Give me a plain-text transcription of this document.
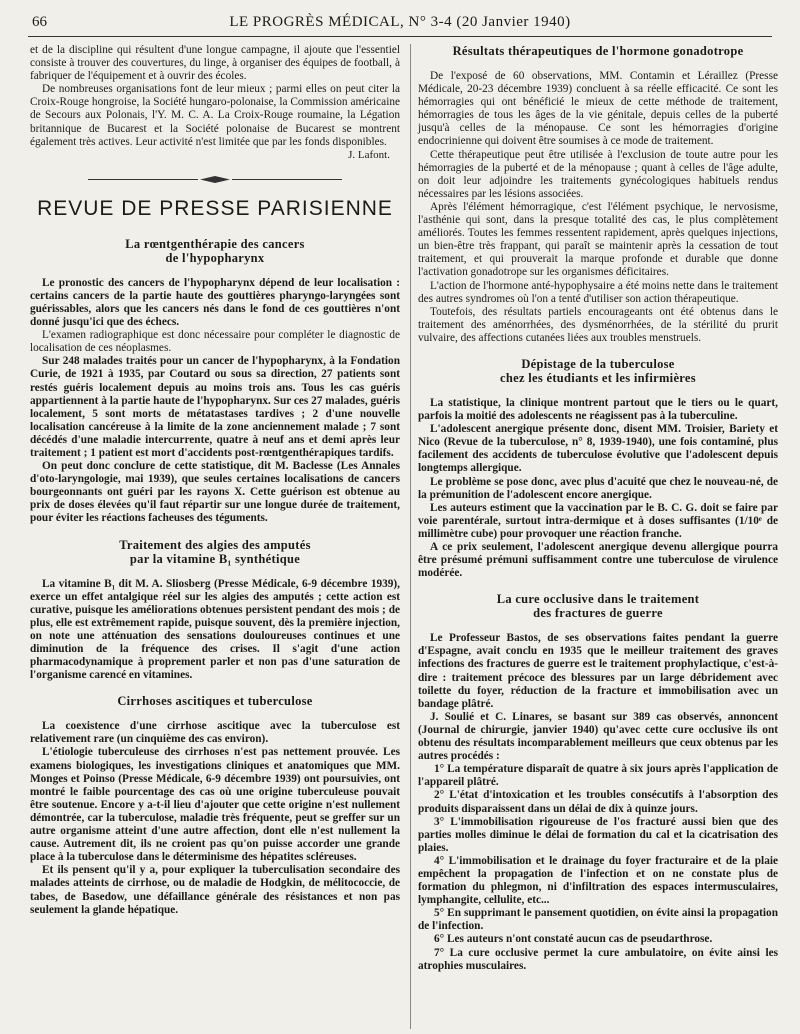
66	LE PROGRÈS MÉDICAL, N° 3-4 (20 Janvier 1940)

et de la discipline qui résultent d'une longue campagne, il ajoute que l'essentiel consiste à trouver des couvertures, du linge, à organiser des équipes de football, à fabriquer de l'équipement et à ouvrir des écoles.

De nombreuses organisations font de leur mieux ; parmi elles on peut citer la Croix-Rouge hongroise, la Société hungaro-polonaise, la Commission américaine de Secours aux Polonais, l'Y. M. C. A. La Croix-Rouge roumaine, la Légation britannique de Bucarest et la Société polonaise de Bucarest se montrent également très actives. Leur activité n'est limitée que par les fonds disponibles.

J. Lafont.
REVUE DE PRESSE PARISIENNE
La rœntgenthérapie des cancers
de l'hypopharynx

Le pronostic des cancers de l'hypopharynx dépend de leur localisation : certains cancers de la partie haute des gouttières pharyngo-laryngées sont guérissables, alors que les cancers nés dans le fond de ces gouttières n'ont donné jusqu'ici que des échecs.

L'examen radiographique est donc nécessaire pour compléter le diagnostic de localisation de ces néoplasmes.

Sur 248 malades traités pour un cancer de l'hypopharynx, à la Fondation Curie, de 1921 à 1935, par Coutard ou sous sa direction, 27 patients sont restés guéris localement depuis au moins trois ans. Tous les cas guéris appartiennent à la partie haute de l'hypopharynx. Sur ces 27 malades, guéris localement, 5 sont morts de métatastases tardives ; 2 d'une nouvelle localisation cancéreuse à la limite de la zone anciennement malade ; 7 sont décédés d'une maladie intercurrente, quatre à neuf ans et demi après leur traitement ; 1 patient est mort d'accidents post-rœntgenthérapiques tardifs.

On peut donc conclure de cette statistique, dit M. Baclesse (Les Annales d'oto-laryngologie, mai 1939), que seules certaines localisations de cancers bourgeonnants ont guéri par les rayons X. Cette guérison est obtenue au prix de doses élevées qu'il faut répartir sur une longue durée de traitement, pour éviter les réactions facheuses des téguments.

Traitement des algies des amputés
par la vitamine B₁ synthétique

La vitamine B₁ dit M. A. Sliosberg (Presse Médicale, 6-9 décembre 1939), exerce un effet antalgique réel sur les algies des amputés ; cette action est curative, puisque les améliorations obtenues persistent pendant des mois ; de plus, elle est extrêmement rapide, puisque souvent, dès la première injection, on note une atténuation des sensations douloureuses continues et une diminution de la fréquence des crises. Il s'agit d'une action pharmacodynamique à proprement parler et non pas d'une saturation de l'organisme carencé en vitamines.

Cirrhoses ascitiques et tuberculose

La coexistence d'une cirrhose ascitique avec la tuberculose est relativement rare (un cinquième des cas environ).

L'étiologie tuberculeuse des cirrhoses n'est pas nettement prouvée. Les examens biologiques, les investigations cliniques et anatomiques que MM. Monges et Poinso (Presse Médicale, 6-9 décembre 1939) ont poursuivies, ont montré le faible pourcentage des cas où une origine tuberculeuse pouvait être soutenue. Encore y a-t-il lieu d'ajouter que cette origine n'est nullement démontrée, car la tuberculose, maladie très fréquente, peut se greffer sur un autre organisme atteint d'une autre affection, dont elle n'est nullement la cause. Autrement dit, ils ne croient pas qu'on puisse accorder une grande place à la tuberculose dans le déterminisme des hépatites scléreuses.

Et ils pensent qu'il y a, pour expliquer la tuberculisation secondaire des malades atteints de cirrhose, ou de maladie de Hodgkin, de mélitococcie, de tabes, de Basedow, une défaillance générale des résistances et non pas seulement la glande hépatique.

Résultats thérapeutiques de l'hormone gonadotrope

De l'exposé de 60 observations, MM. Contamin et Léraillez (Presse Médicale, 20-23 décembre 1939) concluent à sa réelle efficacité. Ce sont les hémorragies qui ont bénéficié le mieux de cette méthode de traitement, hémorragies de tous les âges de la vie génitale, depuis celles de la puberté jusqu'à celles de la ménopause. Ce sont les hémorragies d'origine endocrinienne qui doivent être soumises à ce mode de traitement.

Cette thérapeutique peut être utilisée à l'exclusion de toute autre pour les hémorragies de la puberté et de la ménopause ; quant à celles de l'âge adulte, on doit leur adjoindre les traitements gynécologiques habituels rendus nécessaires par les lésions associées.

Après l'élément hémorragique, c'est l'élément psychique, le nervosisme, l'asthénie qui sont, dans la presque totalité des cas, le plus complètement améliorés. Toutes les femmes ressentent rapidement, après quelques injections, un bien-être très frappant, qui paraît se maintenir après la cessation de tout traitement, et qui prouverait la marque profonde et durable que donne l'activation gonadotrope sur les organismes déficitaires.

L'action de l'hormone anté-hypophysaire a été moins nette dans le traitement des autres syndromes où l'on a tenté d'utiliser son action thérapeutique.

Toutefois, des résultats partiels encourageants ont été obtenus dans le traitement des aménorrhées, des dysménorrhées, de la stérilité du prurit vulvaire, des affections cutanées liées aux troubles menstruels.

Dépistage de la tuberculose
chez les étudiants et les infirmières

La statistique, la clinique montrent partout que le tiers ou le quart, parfois la moitié des adolescents ne réagissent pas à la tuberculine.

L'adolescent anergique présente donc, disent MM. Troisier, Bariety et Nico (Revue de la tuberculose, n° 8, 1939-1940), une fois contaminé, plus facilement des accidents de tuberculose évolutive que l'adolescent depuis longtemps allergique.

Le problème se pose donc, avec plus d'acuité que chez le nouveau-né, de la prémunition de l'adolescent encore anergique.

Les auteurs estiment que la vaccination par le B. C. G. doit se faire par voie parentérale, surtout intra-dermique et à doses suffisantes (1/10ᵉ de millimètre cube) pour provoquer une réaction franche.

A ce prix seulement, l'adolescent anergique devenu allergique pourra être présumé prémuni suffisamment contre une tuberculose de virulence modérée.

La cure occlusive dans le traitement
des fractures de guerre

Le Professeur Bastos, de ses observations faites pendant la guerre d'Espagne, avait conclu en 1935 que le meilleur traitement des graves infections des fractures de guerre est le traitement prophylactique, c'est-à-dire : traitement précoce des blessures par un large débridement avec toilette du foyer, réduction de la fracture et immobilisation avec un bandage plâtré.

J. Soulié et C. Linares, se basant sur 389 cas observés, annoncent (Journal de chirurgie, janvier 1940) qu'avec cette cure occlusive ils ont obtenu des résultats incomparablement meilleurs que ceux obtenus par les autres procédés :

1° La température disparaît de quatre à six jours après l'application de l'appareil plâtré.

2° L'état d'intoxication et les troubles consécutifs à l'absorption des produits disparaissent dans un délai de dix à quinze jours.

3° L'immobilisation rigoureuse de l'os fracturé aussi bien que des parties molles diminue le délai de formation du cal et la cicatrisation des plaies.

4° L'immobilisation et le drainage du foyer fracturaire et de la plaie empêchent la propagation de l'infection et on ne constate plus de formation du phlegmon, ni d'infiltration des espaces intermusculaires, lymphangite, cellulite, etc...

5° En supprimant le pansement quotidien, on évite ainsi la propagation de l'infection.

6° Les auteurs n'ont constaté aucun cas de pseudarthrose.

7° La cure occlusive permet la cure ambulatoire, on évite ainsi les atrophies musculaires.
